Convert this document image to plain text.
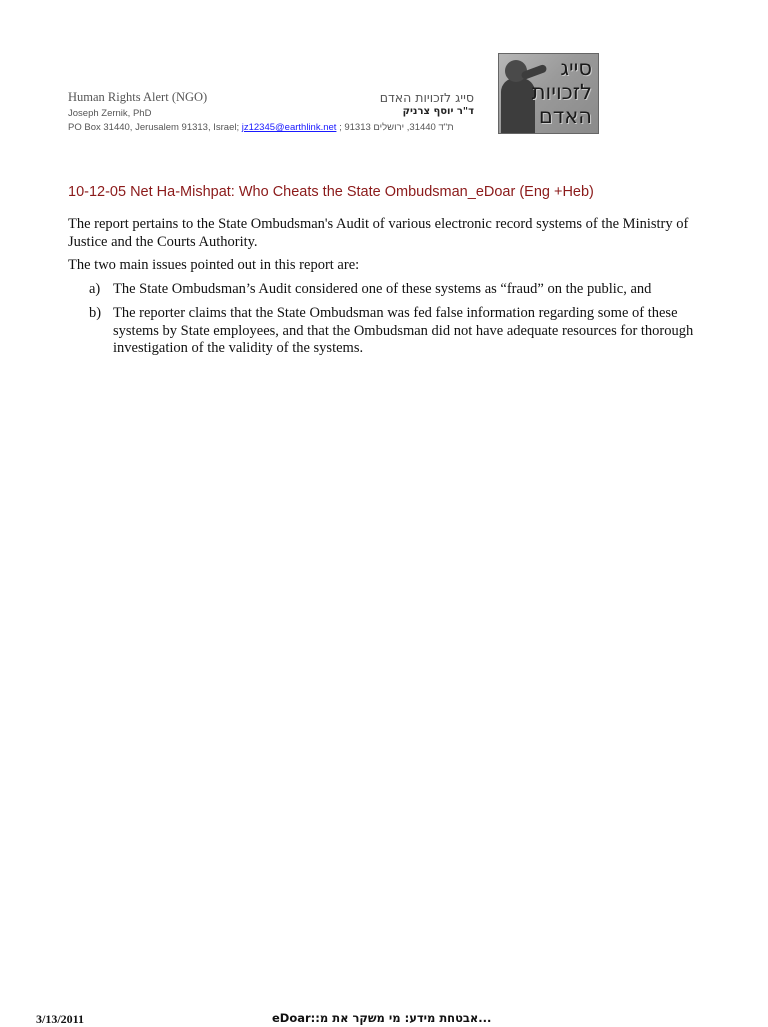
Human Rights Alert (NGO)
Joseph Zernik, PhD
PO Box 31440, Jerusalem 91313, Israel; jz12345@earthlink.net ; 91313 ת"ד 31440, ירושלים
סייג לזכויות האדם
ד"ר יוסף צרניק
סייג לזכויות האדם
10-12-05 Net Ha-Mishpat: Who Cheats the State Ombudsman_eDoar (Eng +Heb)

The report pertains to the State Ombudsman's Audit of various electronic record systems of the Ministry of Justice and the Courts Authority.

The two main issues pointed out in this report are:

a) The State Ombudsman’s Audit considered one of these systems as “fraud” on the public, and
b) The reporter claims that the State Ombudsman was fed false information regarding some of these systems by State employees, and that the Ombudsman did not have adequate resources for thorough investigation of the validity of the systems.
3/13/2011	eDoar::אבטחת מידע: מי משקר את מ...
